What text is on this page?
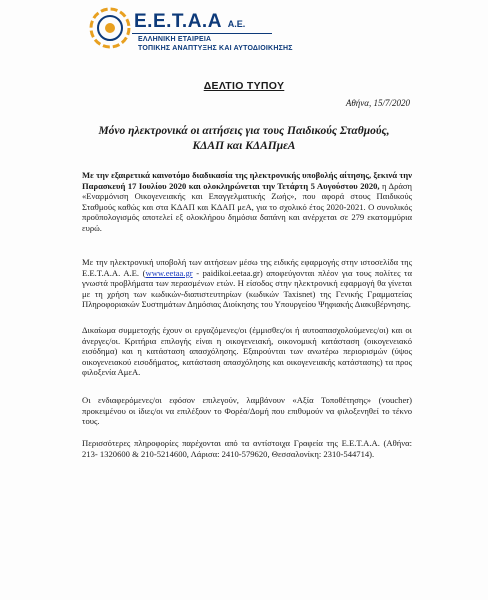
Ε.Ε.Τ.Α.Α Α.Ε.
ΕΛΛΗΝΙΚΗ ΕΤΑΙΡΕΙΑ
ΤΟΠΙΚΗΣ ΑΝΑΠΤΥΞΗΣ ΚΑΙ ΑΥΤΟΔΙΟΙΚΗΣΗΣ
ΔΕΛΤΙΟ ΤΥΠΟΥ
Αθήνα, 15/7/2020
Μόνο ηλεκτρονικά οι αιτήσεις για τους Παιδικούς Σταθμούς,
ΚΔΑΠ και ΚΔΑΠμεΑ

Με την εξαιρετικά καινοτόμο διαδικασία της ηλεκτρονικής υποβολής αίτησης, ξεκινά την Παρασκευή 17 Ιουλίου 2020 και ολοκληρώνεται την Τετάρτη 5 Αυγούστου 2020, η Δράση «Εναρμόνιση Οικογενειακής και Επαγγελματικής Ζωής», που αφορά στους Παιδικούς Σταθμούς καθώς και στα ΚΔΑΠ και ΚΔΑΠ μεΑ, για το σχολικό έτος 2020-2021. Ο συνολικός προϋπολογισμός αποτελεί εξ ολοκλήρου δημόσια δαπάνη και ανέρχεται σε 279 εκατομμύρια ευρώ.

Με την ηλεκτρονική υποβολή των αιτήσεων μέσω της ειδικής εφαρμογής στην ιστοσελίδα της Ε.Ε.Τ.Α.Α. Α.Ε. (www.eetaa.gr - paidikoi.eetaa.gr) αποφεύγονται πλέον για τους πολίτες τα γνωστά προβλήματα των περασμένων ετών. Η είσοδος στην ηλεκτρονική εφαρμογή θα γίνεται με τη χρήση των κωδικών-διαπιστευτηρίων (κωδικών Taxisnet) της Γενικής Γραμματείας Πληροφοριακών Συστημάτων Δημόσιας Διοίκησης του Υπουργείου Ψηφιακής Διακυβέρνησης.

Δικαίωμα συμμετοχής έχουν οι εργαζόμενες/οι (έμμισθες/οι ή αυτοαπασχολούμενες/οι) και οι άνεργες/οι. Κριτήρια επιλογής είναι η οικογενειακή, οικονομική κατάσταση (οικογενειακό εισόδημα) και η κατάσταση απασχόλησης. Εξαιρούνται των ανωτέρω περιορισμών (ύψος οικογενειακού εισοδήματος, κατάσταση απασχόλησης και οικογενειακής κατάστασης) τα προς φιλοξενία ΑμεΑ.

Οι ενδιαφερόμενες/οι εφόσον επιλεγούν, λαμβάνουν «Αξία Τοποθέτησης» (voucher) προκειμένου οι ίδιες/οι να επιλέξουν το Φορέα/Δομή που επιθυμούν να φιλοξενηθεί το τέκνο τους.

Περισσότερες πληροφορίες παρέχονται από τα αντίστοιχα Γραφεία της Ε.Ε.Τ.Α.Α. (Αθήνα: 213- 1320600 & 210-5214600, Λάρισα: 2410-579620, Θεσσαλονίκη: 2310-544714).
